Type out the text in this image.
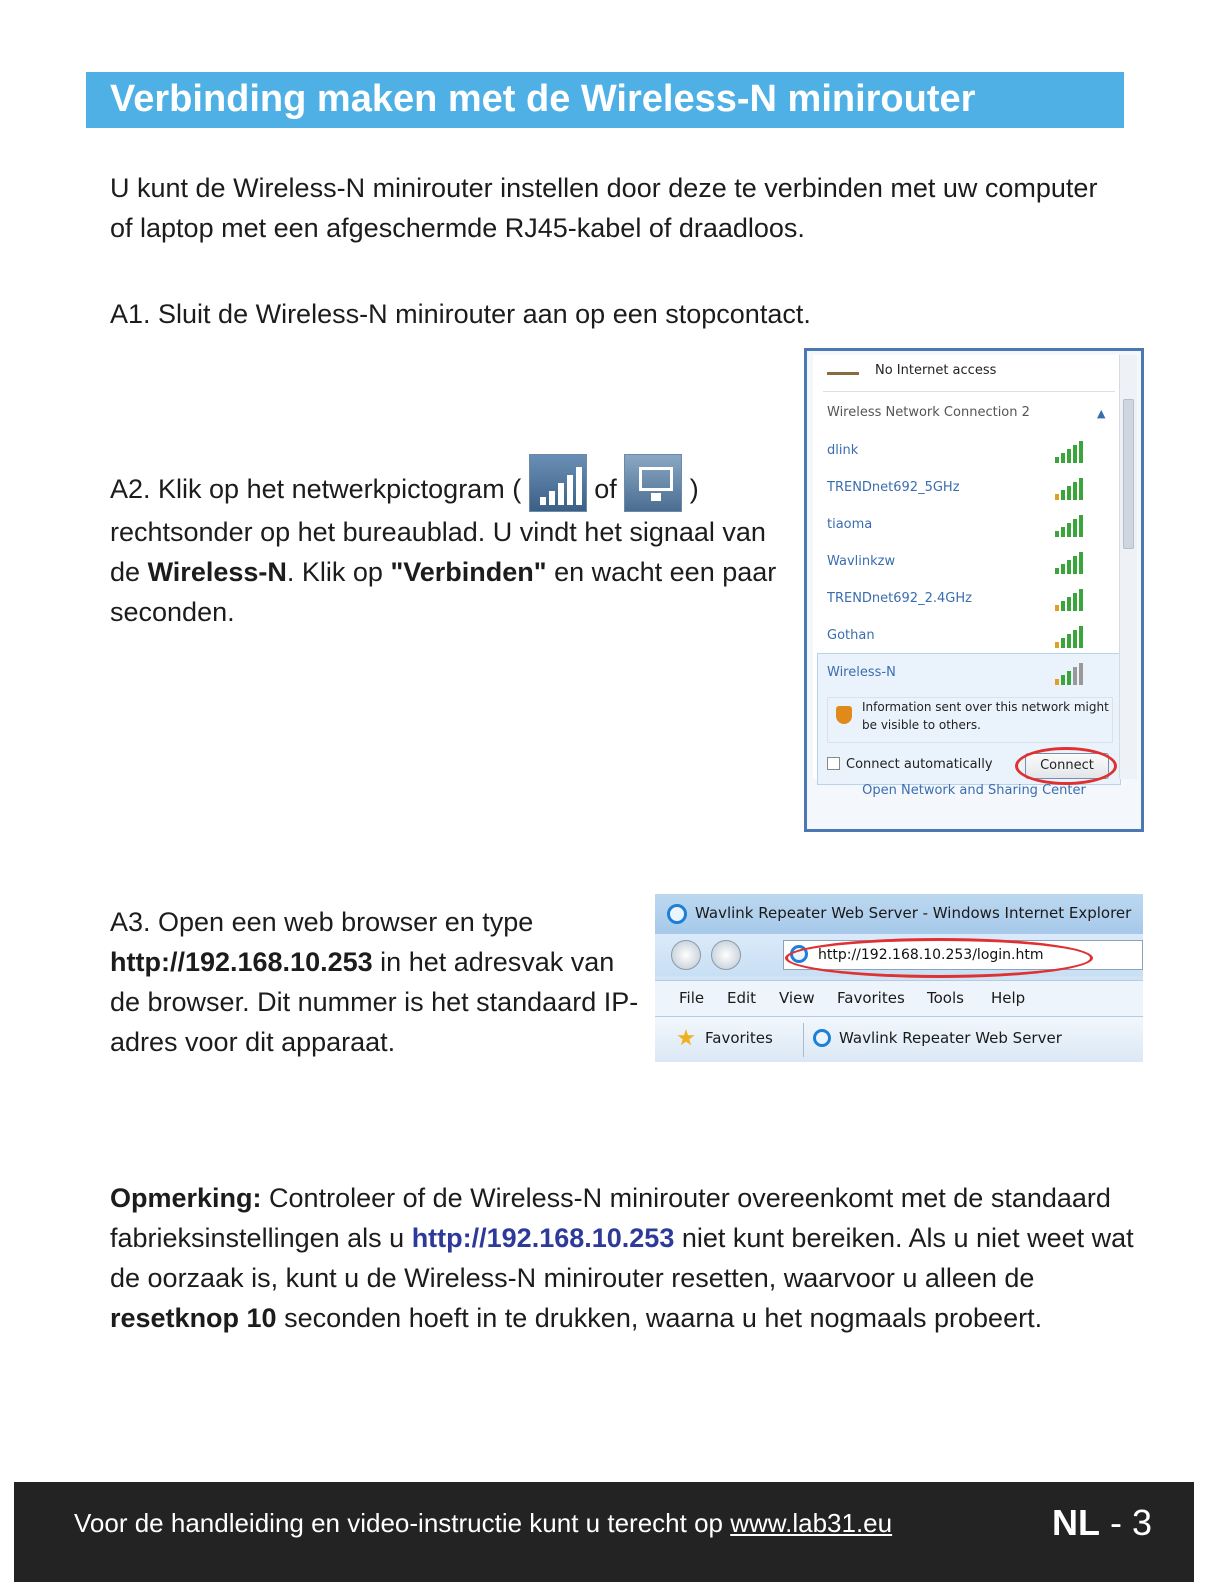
Verbinding maken met de Wireless-N minirouter

U kunt de Wireless-N minirouter instellen door deze te verbinden met uw computer of laptop met een afgeschermde RJ45-kabel of draadloos.

A1. Sluit de Wireless-N minirouter aan op een stopcontact.

A2. Klik op het netwerkpictogram (	of	)
rechtsonder op het bureaublad. U vindt het signaal van de Wireless-N. Klik op "Verbinden" en wacht een paar seconden.
No Internet access
Wireless Network Connection 2	▲
dlink
TRENDnet692_5GHz
tiaoma
Wavlinkzw
TRENDnet692_2.4GHz
Gothan
Wireless-N
Information sent over this network might be visible to others.
Connect automatically	Connect
Open Network and Sharing Center
A3. Open een web browser en type http://192.168.10.253 in het adresvak van de browser. Dit nummer is het standaard IP-adres voor dit apparaat.
Wavlink Repeater Web Server - Windows Internet Explorer
http://192.168.10.253/login.htm
File Edit View Favorites Tools Help
Favorites	Wavlink Repeater Web Server
Opmerking: Controleer of de Wireless-N minirouter overeenkomt met de standaard fabrieksinstellingen als u http://192.168.10.253 niet kunt bereiken. Als u niet weet wat de oorzaak is, kunt u de Wireless-N minirouter resetten, waarvoor u alleen de resetknop 10 seconden hoeft in te drukken, waarna u het nogmaals probeert.
Voor de handleiding en video-instructie kunt u terecht op www.lab31.eu	NL - 3
